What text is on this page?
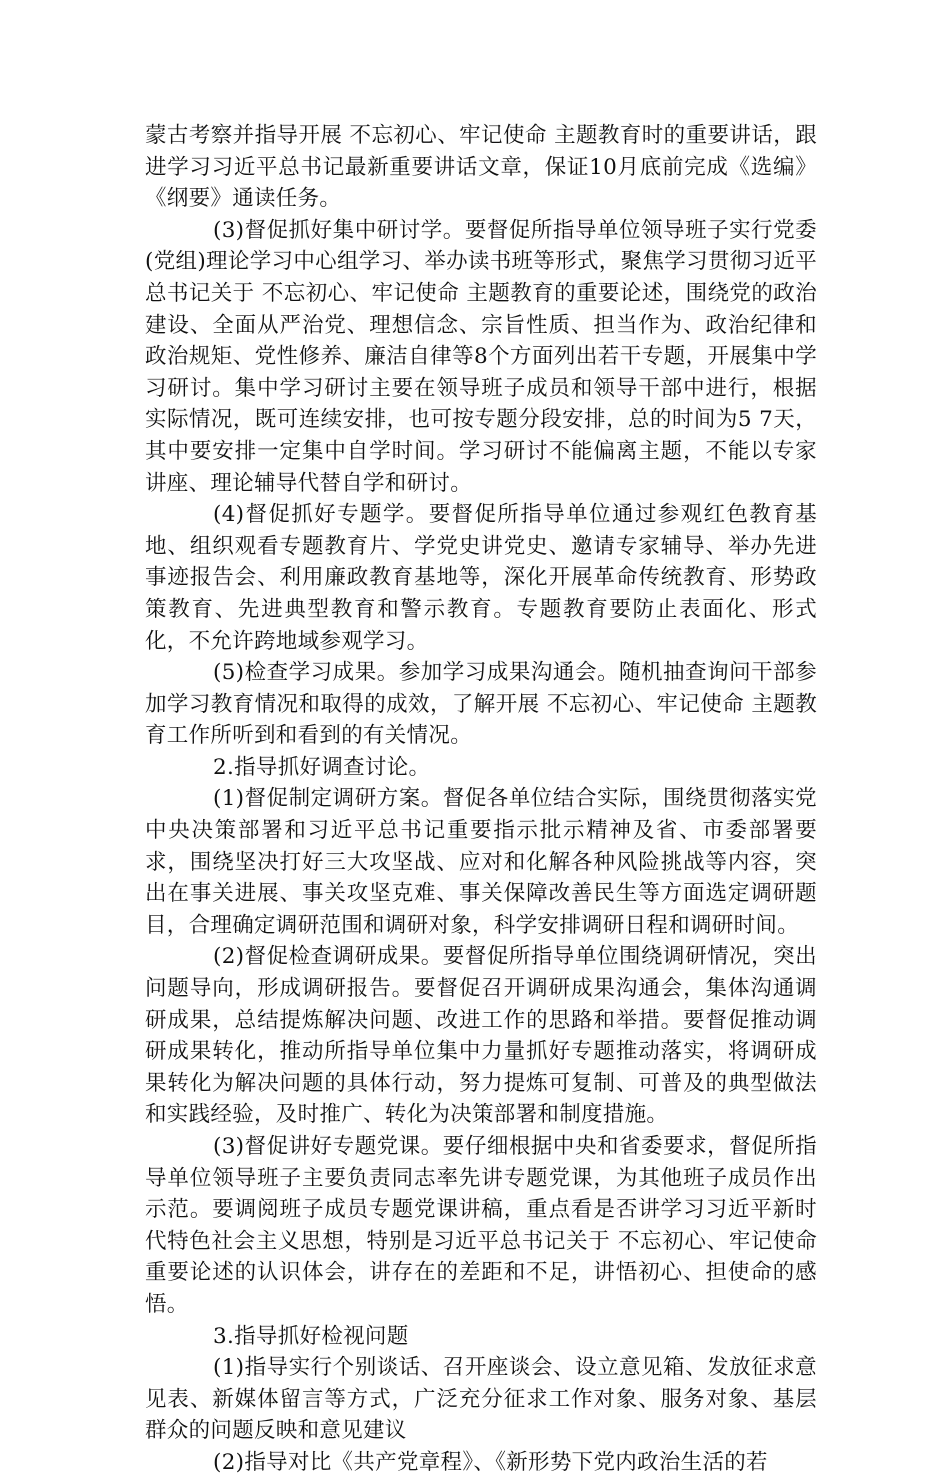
蒙古考察并指导开展 不忘初心、牢记使命 主题教育时的重要讲话，跟进学习习近平总书记最新重要讲话文章，保证10月底前完成《选编》《纲要》通读任务。

(3)督促抓好集中研讨学。要督促所指导单位领导班子实行党委(党组)理论学习中心组学习、举办读书班等形式，聚焦学习贯彻习近平总书记关于 不忘初心、牢记使命 主题教育的重要论述，围绕党的政治建设、全面从严治党、理想信念、宗旨性质、担当作为、政治纪律和政治规矩、党性修养、廉洁自律等8个方面列出若干专题，开展集中学习研讨。集中学习研讨主要在领导班子成员和领导干部中进行，根据实际情况，既可连续安排，也可按专题分段安排，总的时间为5 7天，其中要安排一定集中自学时间。学习研讨不能偏离主题，不能以专家讲座、理论辅导代替自学和研讨。

(4)督促抓好专题学。要督促所指导单位通过参观红色教育基地、组织观看专题教育片、学党史讲党史、邀请专家辅导、举办先进事迹报告会、利用廉政教育基地等，深化开展革命传统教育、形势政策教育、先进典型教育和警示教育。专题教育要防止表面化、形式化，不允许跨地域参观学习。

(5)检查学习成果。参加学习成果沟通会。随机抽查询问干部参加学习教育情况和取得的成效，了解开展 不忘初心、牢记使命 主题教育工作所听到和看到的有关情况。

2.指导抓好调查讨论。

(1)督促制定调研方案。督促各单位结合实际，围绕贯彻落实党中央决策部署和习近平总书记重要指示批示精神及省、市委部署要求，围绕坚决打好三大攻坚战、应对和化解各种风险挑战等内容，突出在事关进展、事关攻坚克难、事关保障改善民生等方面选定调研题目，合理确定调研范围和调研对象，科学安排调研日程和调研时间。

(2)督促检查调研成果。要督促所指导单位围绕调研情况，突出问题导向，形成调研报告。要督促召开调研成果沟通会，集体沟通调研成果，总结提炼解决问题、改进工作的思路和举措。要督促推动调研成果转化，推动所指导单位集中力量抓好专题推动落实，将调研成果转化为解决问题的具体行动，努力提炼可复制、可普及的典型做法和实践经验，及时推广、转化为决策部署和制度措施。

(3)督促讲好专题党课。要仔细根据中央和省委要求，督促所指导单位领导班子主要负责同志率先讲专题党课，为其他班子成员作出示范。要调阅班子成员专题党课讲稿，重点看是否讲学习习近平新时代特色社会主义思想，特别是习近平总书记关于 不忘初心、牢记使命 重要论述的认识体会，讲存在的差距和不足，讲悟初心、担使命的感悟。

3.指导抓好检视问题

(1)指导实行个别谈话、召开座谈会、设立意见箱、发放征求意见表、新媒体留言等方式，广泛充分征求工作对象、服务对象、基层群众的问题反映和意见建议

(2)指导对比《共产党章程》、《新形势下党内政治生活的若
